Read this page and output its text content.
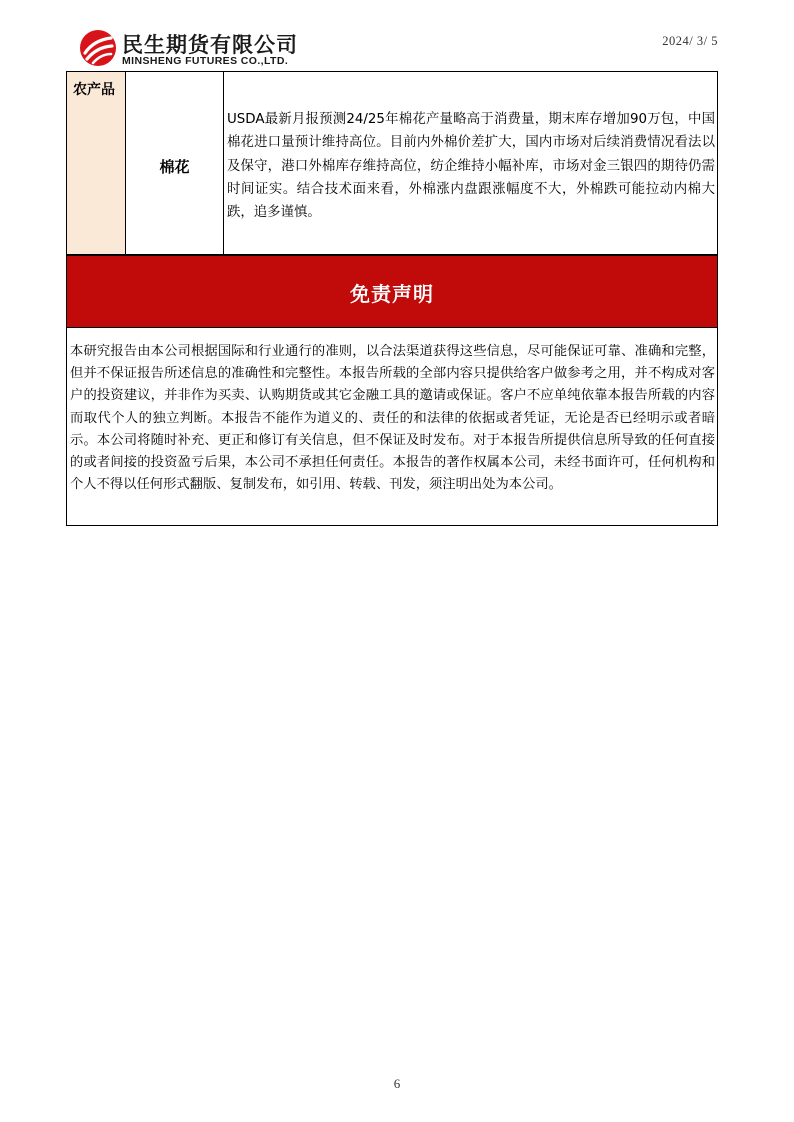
民生期货有限公司
MINSHENG FUTURES CO.,LTD.
2024/ 3/ 5
农产品
棉花
USDA最新月报预测24/25年棉花产量略高于消费量，期末库存增加90万包，中国棉花进口量预计维持高位。目前内外棉价差扩大，国内市场对后续消费情况看法以及保守，港口外棉库存维持高位，纺企维持小幅补库，市场对金三银四的期待仍需时间证实。结合技术面来看，外棉涨内盘跟涨幅度不大，外棉跌可能拉动内棉大跌，追多谨慎。
免责声明

本研究报告由本公司根据国际和行业通行的准则，以合法渠道获得这些信息，尽可能保证可靠、准确和完整，但并不保证报告所述信息的准确性和完整性。本报告所载的全部内容只提供给客户做参考之用，并不构成对客户的投资建议，并非作为买卖、认购期货或其它金融工具的邀请或保证。客户不应单纯依靠本报告所载的内容而取代个人的独立判断。本报告不能作为道义的、责任的和法律的依据或者凭证，无论是否已经明示或者暗示。本公司将随时补充、更正和修订有关信息，但不保证及时发布。对于本报告所提供信息所导致的任何直接的或者间接的投资盈亏后果，本公司不承担任何责任。本报告的著作权属本公司，未经书面许可，任何机构和个人不得以任何形式翻版、复制发布，如引用、转载、刊发，须注明出处为本公司。

6
